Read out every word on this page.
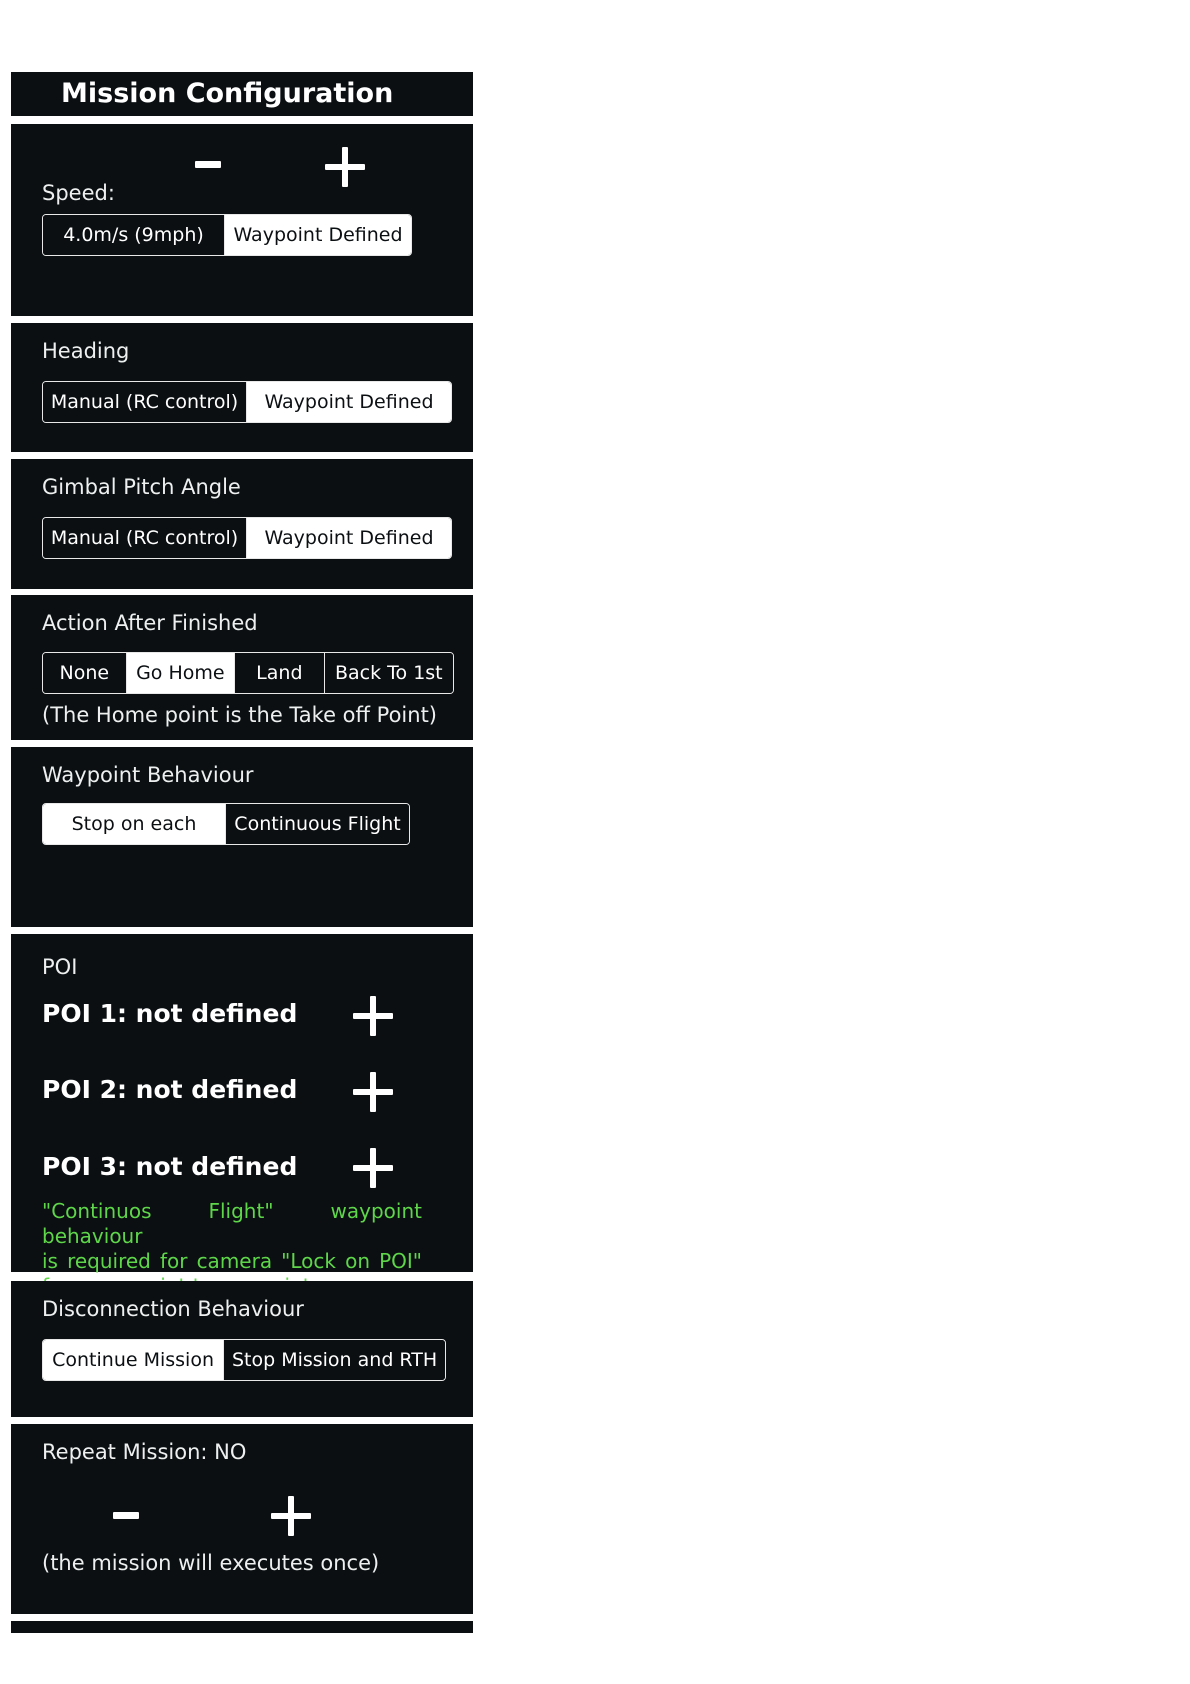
Mission Configuration
Speed:
4.0m/s (9mph)	Waypoint Defined
Heading
Manual (RC control)	Waypoint Defined
Gimbal Pitch Angle
Manual (RC control)	Waypoint Defined
Action After Finished
None	Go Home	Land	Back To 1st
(The Home point is the Take off Point)
Waypoint Behaviour
Stop on each	Continuous Flight
POI
POI 1: not defined
POI 2: not defined
POI 3: not defined
"Continuos Flight" waypoint behaviour
is required for camera "Lock on POI"
Disconnection Behaviour
Continue Mission Stop Mission and RTH
Repeat Mission: NO
(the mission will executes once)
